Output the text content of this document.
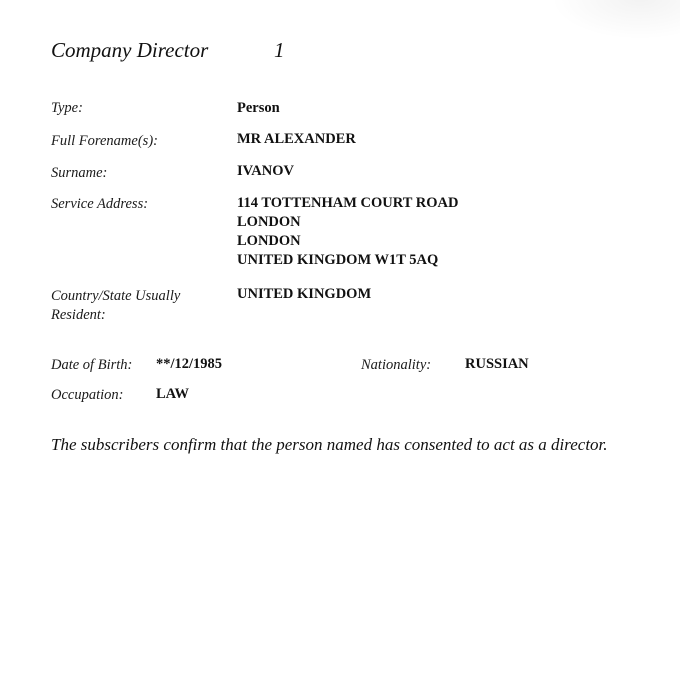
Company Director	1
Type:	Person
Full Forename(s):	MR ALEXANDER
Surname:	IVANOV
Service Address:	114 TOTTENHAM COURT ROAD
LONDON
LONDON
UNITED KINGDOM W1T 5AQ
Country/State Usually
Resident:
UNITED KINGDOM
Date of Birth: **/12/1985	Nationality: RUSSIAN
Occupation: LAW
The subscribers confirm that the person named has consented to act as a director.
